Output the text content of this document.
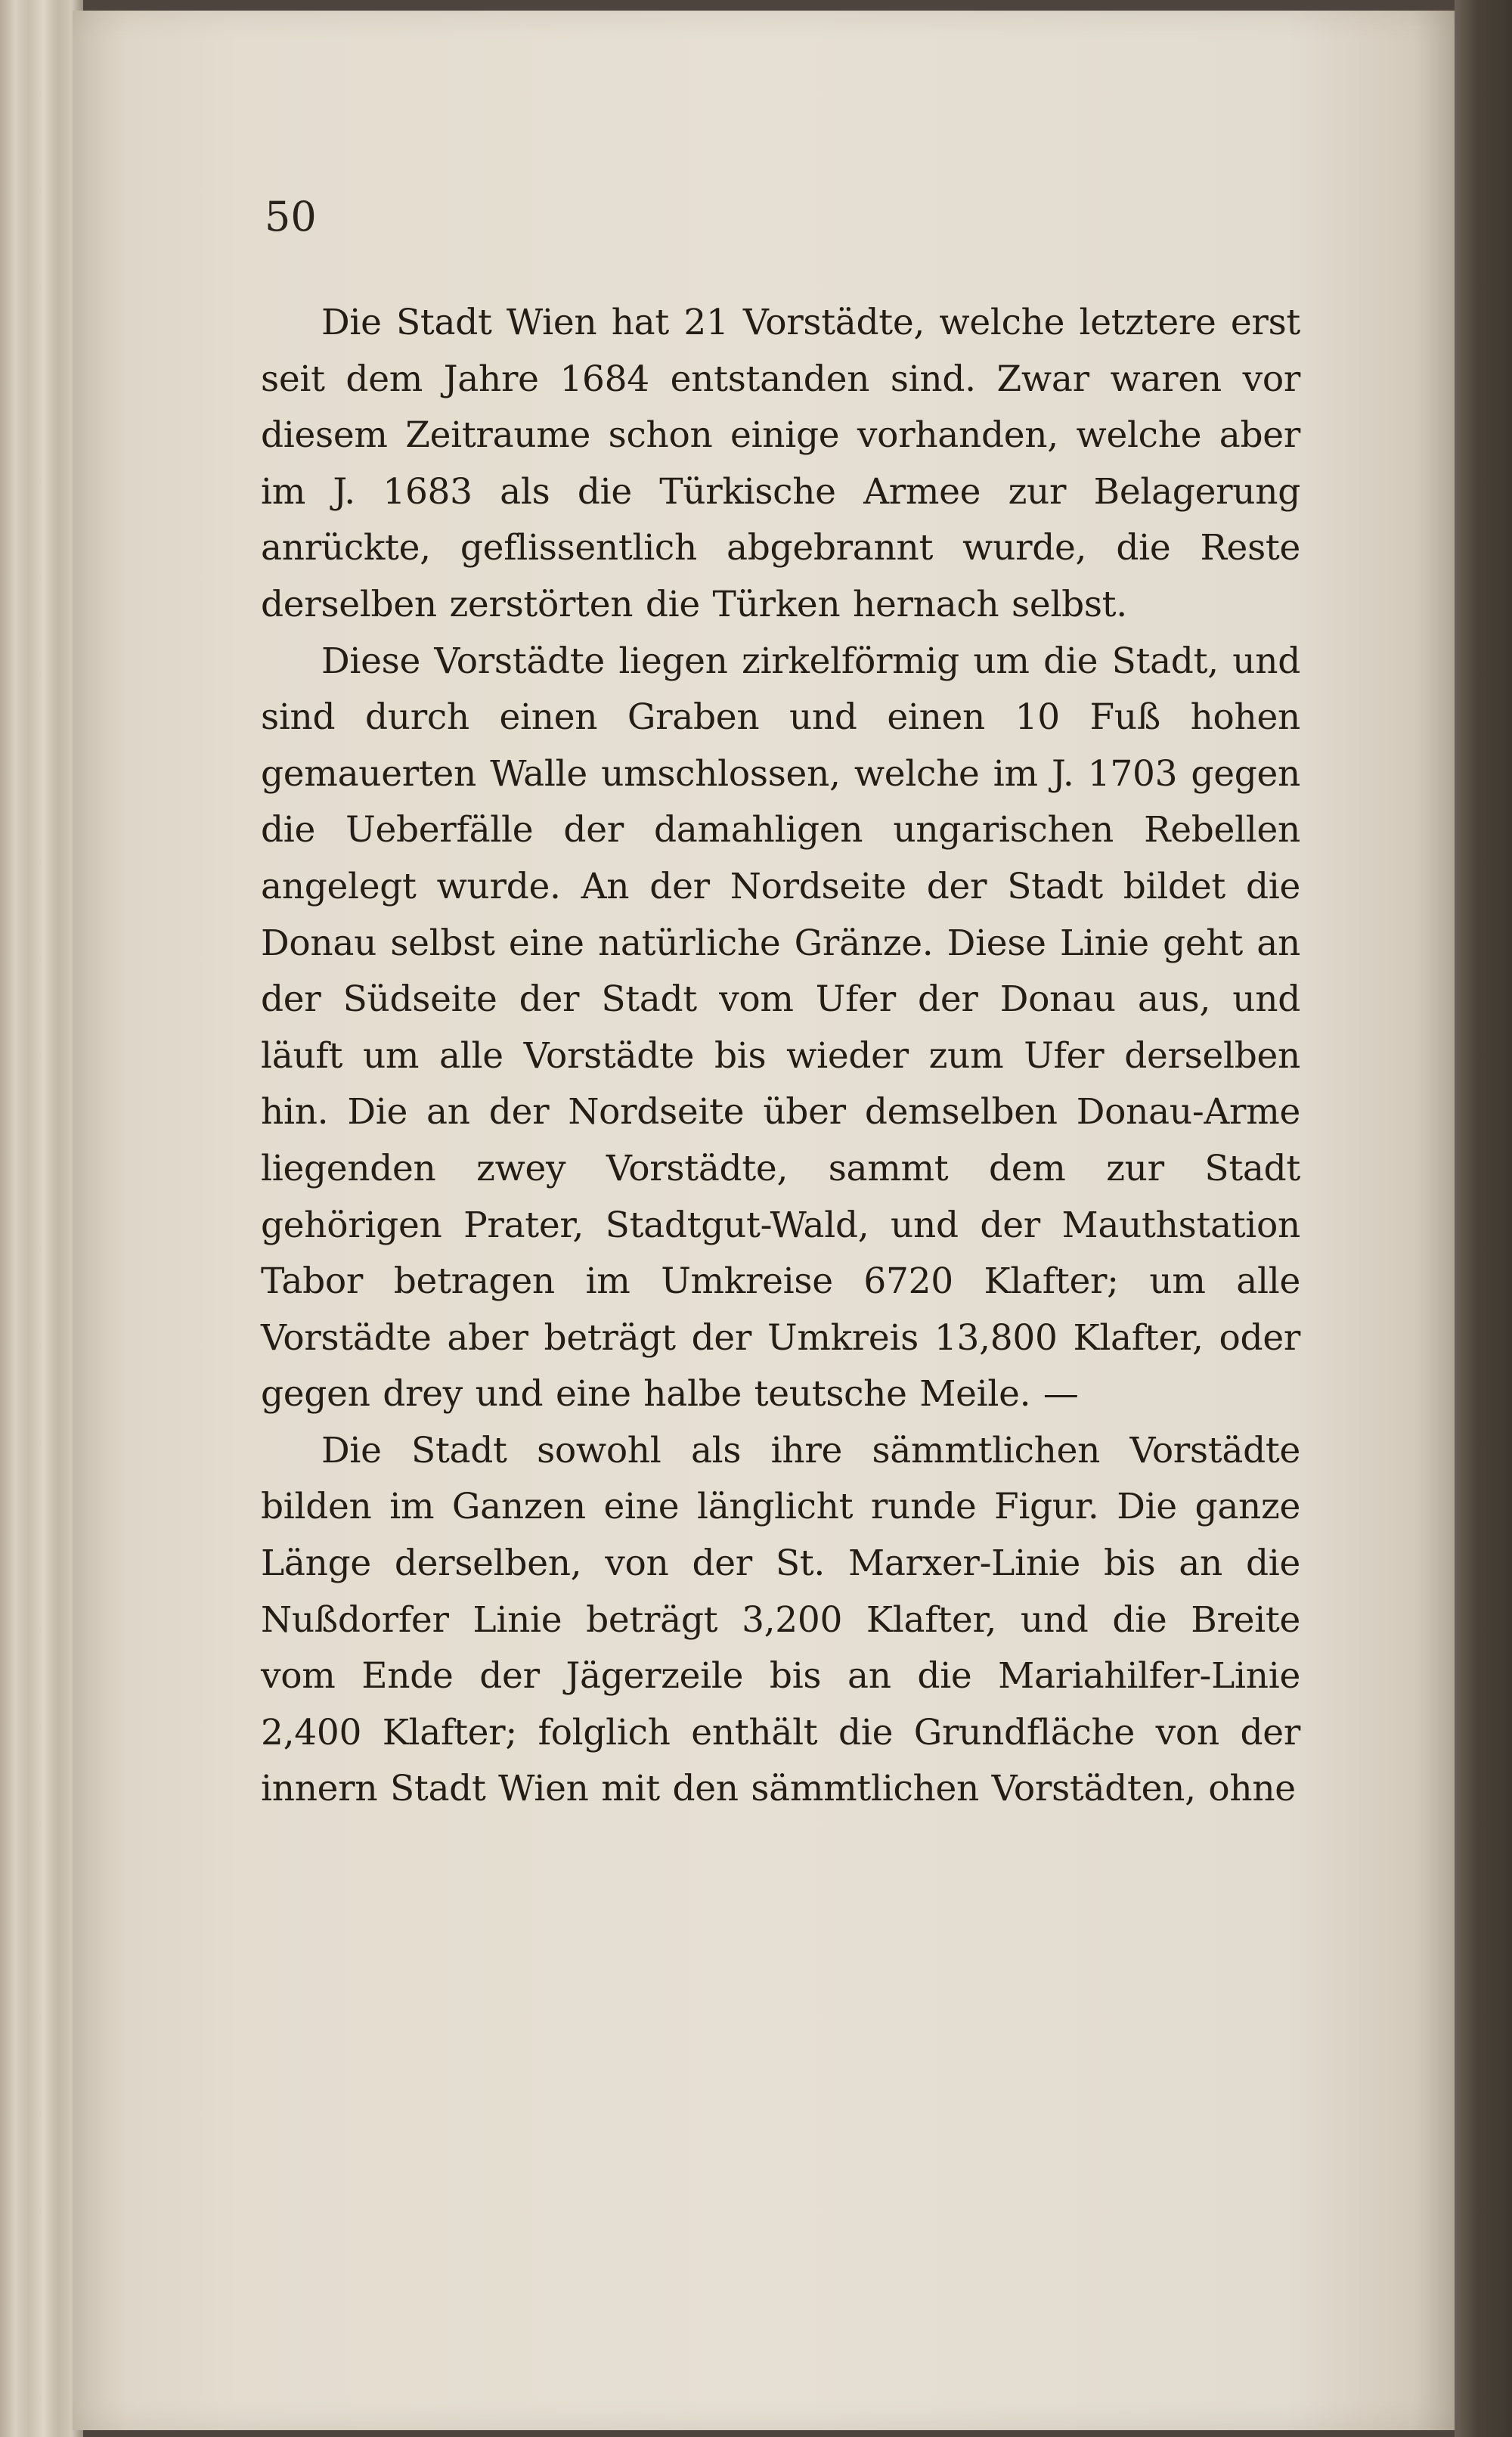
50

Die Stadt Wien hat 21 Vorstädte, welche letztere erst seit dem Jahre 1684 entstanden sind. Zwar waren vor diesem Zeitraume schon einige vorhanden, welche aber im J. 1683 als die Türkische Armee zur Belagerung anrückte, geflissentlich abgebrannt wurde, die Reste derselben zerstörten die Türken hernach selbst.

Diese Vorstädte liegen zirkelförmig um die Stadt, und sind durch einen Graben und einen 10 Fuß hohen gemauerten Walle umschlossen, welche im J. 1703 gegen die Ueberfälle der damahligen ungarischen Rebellen angelegt wurde. An der Nordseite der Stadt bildet die Donau selbst eine natürliche Gränze. Diese Linie geht an der Südseite der Stadt vom Ufer der Donau aus, und läuft um alle Vorstädte bis wieder zum Ufer derselben hin. Die an der Nordseite über demselben Donau-Arme liegenden zwey Vorstädte, sammt dem zur Stadt gehörigen Prater, Stadtgut-Wald, und der Mauthstation Tabor betragen im Umkreise 6720 Klafter; um alle Vorstädte aber beträgt der Umkreis 13,800 Klafter, oder gegen drey und eine halbe teutsche Meile. —

Die Stadt sowohl als ihre sämmtlichen Vorstädte bilden im Ganzen eine länglicht runde Figur. Die ganze Länge derselben, von der St. Marxer-Linie bis an die Nußdorfer Linie beträgt 3,200 Klafter, und die Breite vom Ende der Jägerzeile bis an die Mariahilfer-Linie 2,400 Klafter; folglich enthält die Grundfläche von der innern Stadt Wien mit den sämmtlichen Vorstädten, ohne
